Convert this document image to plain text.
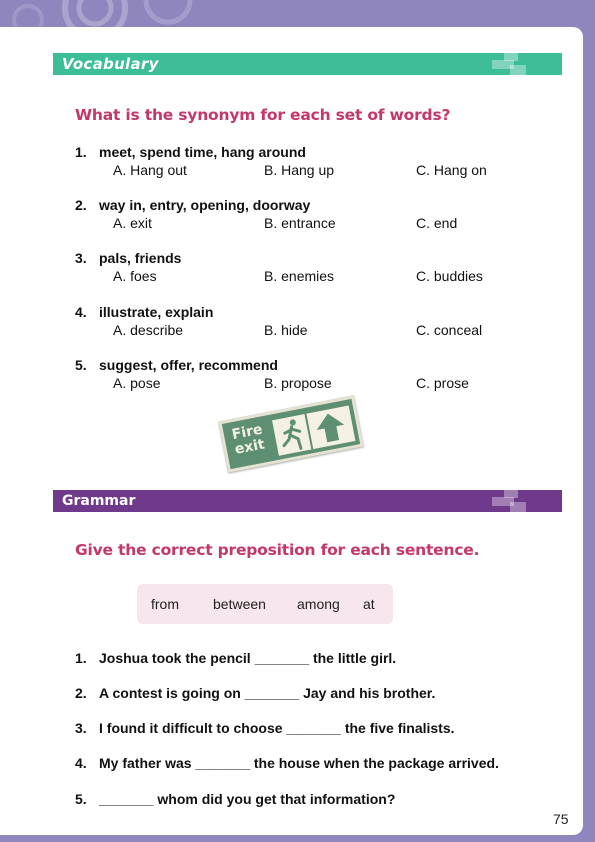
Vocabulary
What is the synonym for each set of words?
1. meet, spend time, hang around
A. Hang out	B. Hang up	C. Hang on
2. way in, entry, opening, doorway
A. exit	B. entrance	C. end
3. pals, friends
A. foes	B. enemies	C. buddies
4. illustrate, explain
A. describe	B. hide	C. conceal
5. suggest, offer, recommend
A. pose	B. propose	C. prose
Fire
exit
Grammar
Give the correct preposition for each sentence.
from between among at
1. Joshua took the pencil _______ the little girl.
2. A contest is going on _______ Jay and his brother.
3. I found it difficult to choose _______ the five finalists.
4. My father was _______ the house when the package arrived.
5. _______ whom did you get that information?
75
